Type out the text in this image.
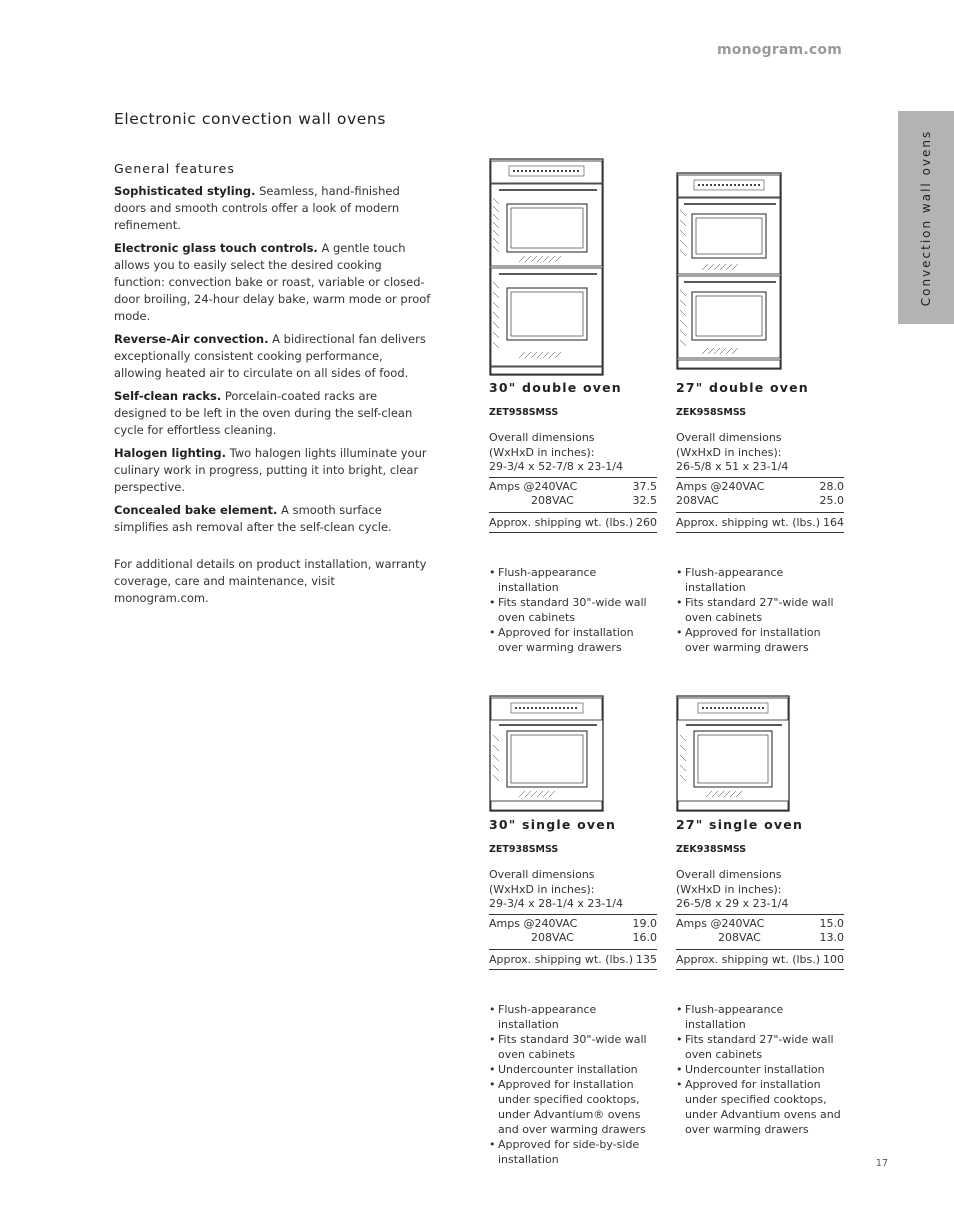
monogram.com
Convection wall ovens
Electronic convection wall ovens
General features

Sophisticated styling. Seamless, hand-finished doors and smooth controls offer a look of modern refinement.

Electronic glass touch controls. A gentle touch allows you to easily select the desired cooking function: convection bake or roast, variable or closed-door broiling, 24-hour delay bake, warm mode or proof mode.

Reverse-Air convection. A bidirectional fan delivers exceptionally consistent cooking performance, allowing heated air to circulate on all sides of food.

Self-clean racks. Porcelain-coated racks are designed to be left in the oven during the self-clean cycle for effortless cleaning.

Halogen lighting. Two halogen lights illuminate your culinary work in progress, putting it into bright, clear perspective.

Concealed bake element. A smooth surface simplifies ash removal after the self-clean cycle.

For additional details on product installation, warranty coverage, care and maintenance, visit monogram.com.

30" double oven
ZET958SMSS
Overall dimensions
(WxHxD in inches):
29-3/4 x 52-7/8 x 23-1/4
Amps @240VAC	37.5
208VAC	32.5
Approx. shipping wt. (lbs.) 260
• Flush-appearance installation
• Fits standard 30"-wide wall oven cabinets
• Approved for installation over warming drawers
27" double oven
ZEK958SMSS
Overall dimensions
(WxHxD in inches):
26-5/8 x 51 x 23-1/4
Amps @240VAC	28.0
208VAC	25.0
Approx. shipping wt. (lbs.) 164
• Flush-appearance installation
• Fits standard 27"-wide wall oven cabinets
• Approved for installation over warming drawers
30" single oven
ZET938SMSS
Overall dimensions
(WxHxD in inches):
29-3/4 x 28-1/4 x 23-1/4
Amps @240VAC	19.0
208VAC	16.0
Approx. shipping wt. (lbs.) 135
• Flush-appearance installation
• Fits standard 30"-wide wall oven cabinets
• Undercounter installation
• Approved for installation under specified cooktops, under Advantium® ovens and over warming drawers
• Approved for side-by-side installation
27" single oven
ZEK938SMSS
Overall dimensions
(WxHxD in inches):
26-5/8 x 29 x 23-1/4
Amps @240VAC	15.0
208VAC	13.0
Approx. shipping wt. (lbs.) 100
• Flush-appearance installation
• Fits standard 27"-wide wall oven cabinets
• Undercounter installation
• Approved for installation under specified cooktops, under Advantium ovens and over warming drawers
17
